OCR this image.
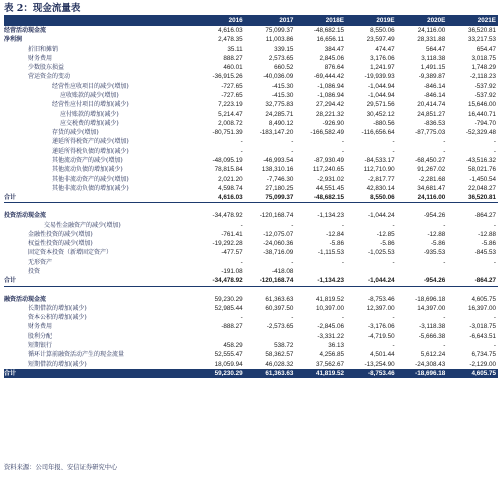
表 2：现金流量表
	2016	2017	2018E	2019E	2020E	2021E
经营活动现金流	4,616.03	75,099.37	-48,682.15	8,550.06	24,116.00	36,520.81
净利润	2,478.35	11,003.86	16,656.11	23,597.49	28,331.88	33,217.53
折旧和摊销	35.11	339.15	384.47	474.47	564.47	654.47
财务费用	888.27	2,573.65	2,845.06	3,176.06	3,118.38	3,018.75
少数股东损益	460.01	660.52	876.64	1,241.97	1,491.15	1,748.29
营运资金的变动	-36,915.26	-40,036.09	-69,444.42	-19,939.93	-9,389.87	-2,118.23
经营性应收项目的减少(增加)	-727.65	-415.30	-1,086.94	-1,044.94	-846.14	-537.92
应收账款的减少(增加)	-727.65	-415.30	-1,086.94	-1,044.94	-846.14	-537.92
经营性应付项目的增加(减少)	7,223.19	32,775.83	27,294.42	29,571.56	20,414.74	15,646.00
应付账款的增加(减少)	5,214.47	24,285.71	28,221.32	30,452.12	24,851.27	16,440.71
应交税费的增加(减少)	2,008.72	8,490.12	-926.90	-880.56	-836.53	-794.70
存货的减少(增加)	-80,751.39	-183,147.20	-166,582.49	-116,656.64	-87,775.03	-52,329.48
递延所得税资产的减少(增加)	-	-	-	-	-	-
递延所得税负债的增加(减少)	-	-	-	-	-	-
其他流动资产的减少(增加)	-48,095.19	-46,993.54	-87,930.49	-84,533.17	-68,450.27	-43,516.32
其他流动负债的增加(减少)	78,815.84	138,310.16	117,240.65	112,710.90	91,267.02	58,021.76
其他非流动资产的减少(增加)	2,021.20	-7,746.30	-2,931.02	-2,817.77	-2,281.68	-1,450.54
其他非流动负债的增加(减少)	4,598.74	27,180.25	44,551.45	42,830.14	34,681.47	22,048.27
合计	4,616.03	75,099.37	-48,682.15	8,550.06	24,116.00	36,520.81

投资活动现金流	-34,478.92	-120,168.74	-1,134.23	-1,044.24	-954.26	-864.27
交易性金融资产的减少(增加)	-	-	-	-	-	-
金融性投资的减少(增加)	-761.41	-12,075.07	-12.84	-12.85	-12.88	-12.88
权益性投资的减少(增加)	-19,292.28	-24,060.36	-5.86	-5.86	-5.86	-5.86
固定资本投资（新增固定资产）	-477.57	-38,716.09	-1,115.53	-1,025.53	-935.53	-845.53
无形资产	-	-	-	-	-	-
投资	-191.08	-418.08				
合计	-34,478.92	-120,168.74	-1,134.23	-1,044.24	-954.26	-864.27

融资活动现金流	59,230.29	61,363.63	41,819.52	-8,753.46	-18,696.18	4,605.75
长期借款的增加(减少)	52,985.44	60,397.50	10,397.00	12,397.00	14,397.00	16,397.00
资本公积的增加(减少)	-	-	-	-	-	-
财务费用	-888.27	-2,573.65	-2,845.06	-3,176.06	-3,118.38	-3,018.75
股利分配			-3,331.22	-4,719.50	-5,666.38	-6,643.51
短期银行	458.29	538.72	36.13	-	-	-
循环计算前融资活动产生的现金流量	52,555.47	58,362.57	4,256.85	4,501.44	5,612.24	6,734.75
短期借款的增加(减少)	18,059.94	46,028.32	37,562.67	-13,254.90	-24,308.43	-2,129.00
合计	59,230.29	61,363.63	41,819.52	-8,753.46	-18,696.18	4,605.75
资料来源：公司年报、安信证券研究中心
